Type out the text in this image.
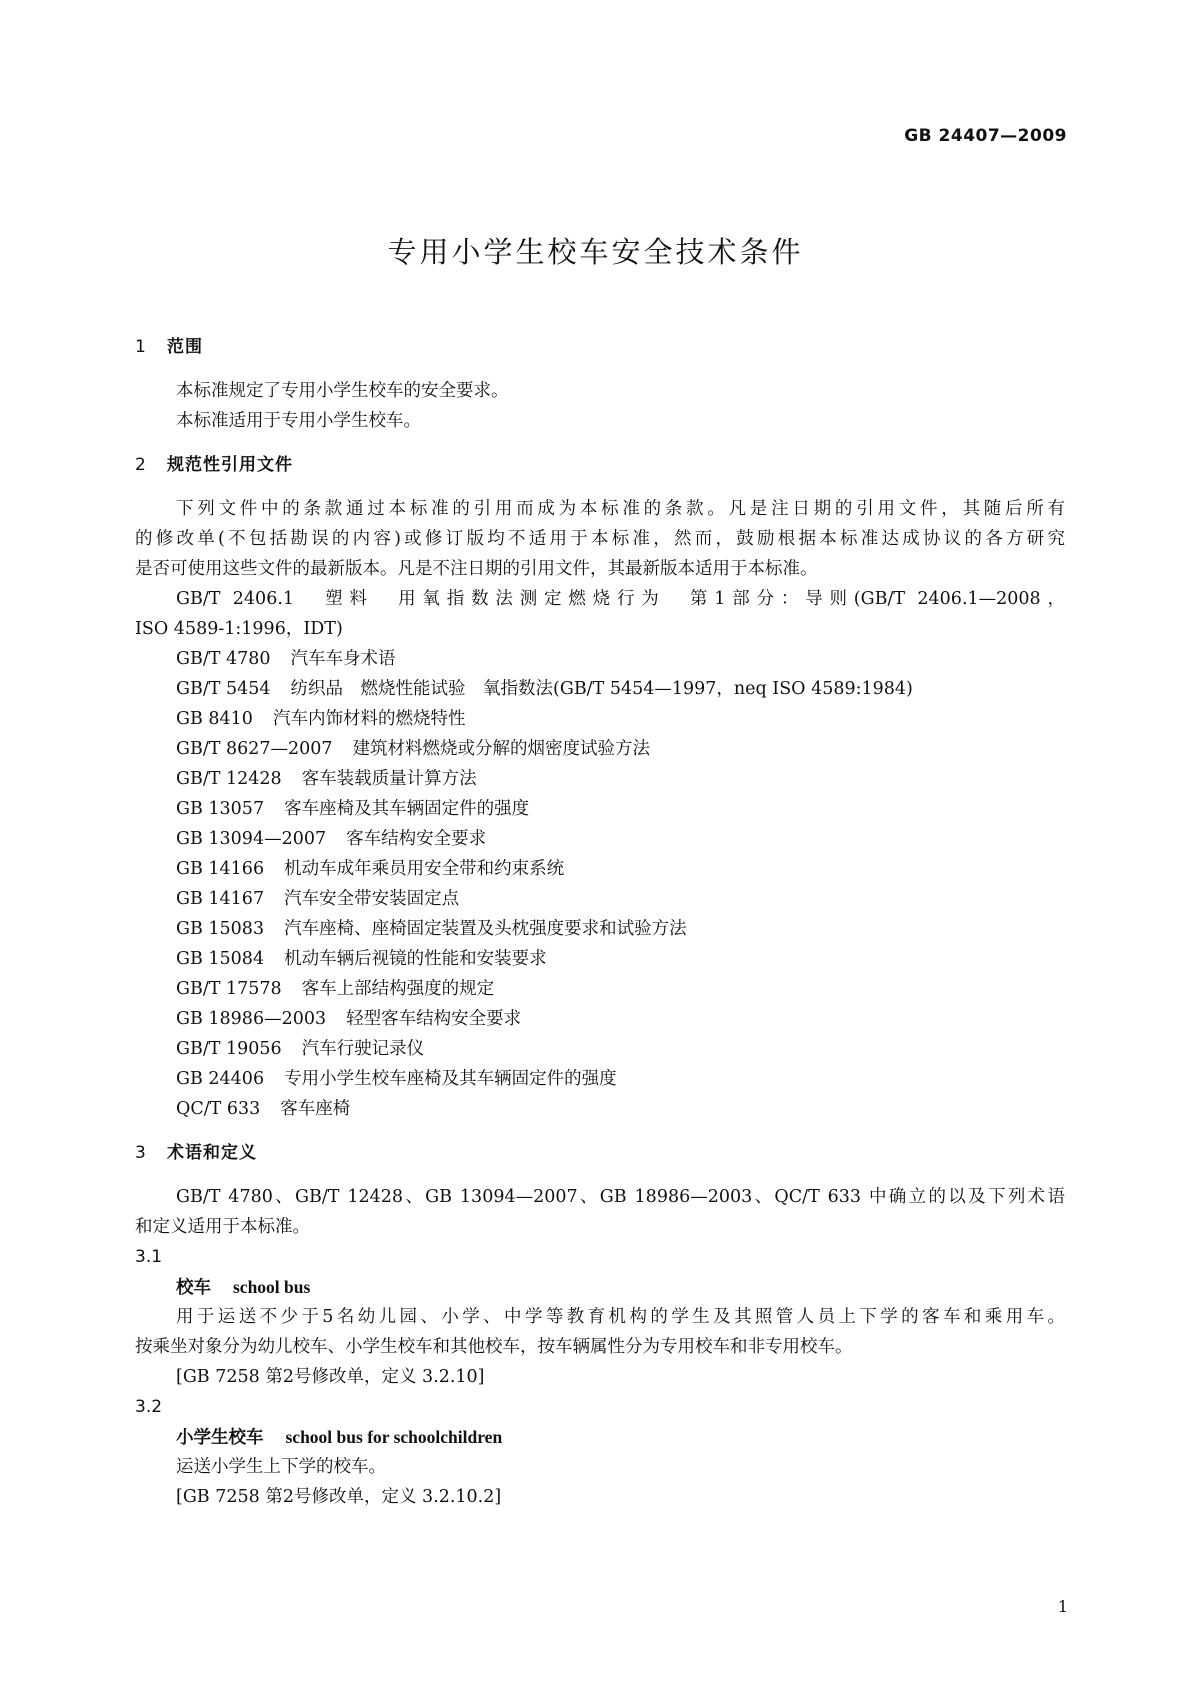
GB 24407—2009
专用小学生校车安全技术条件
1 范围
本标准规定了专用小学生校车的安全要求。
本标准适用于专用小学生校车。
2 规范性引用文件
下列文件中的条款通过本标准的引用而成为本标准的条款。凡是注日期的引用文件，其随后所有
的修改单(不包括勘误的内容)或修订版均不适用于本标准，然而，鼓励根据本标准达成协议的各方研究
是否可使用这些文件的最新版本。凡是不注日期的引用文件，其最新版本适用于本标准。
GB/T 2406.1　塑料　用氧指数法测定燃烧行为　第1部分：导则(GB/T 2406.1—2008，
ISO 4589-1:1996，IDT)
GB/T 4780 汽车车身术语
GB/T 5454 纺织品　燃烧性能试验　氧指数法(GB/T 5454—1997，neq ISO 4589:1984)
GB 8410 汽车内饰材料的燃烧特性
GB/T 8627—2007 建筑材料燃烧或分解的烟密度试验方法
GB/T 12428 客车装载质量计算方法
GB 13057 客车座椅及其车辆固定件的强度
GB 13094—2007 客车结构安全要求
GB 14166 机动车成年乘员用安全带和约束系统
GB 14167 汽车安全带安装固定点
GB 15083 汽车座椅、座椅固定装置及头枕强度要求和试验方法
GB 15084 机动车辆后视镜的性能和安装要求
GB/T 17578 客车上部结构强度的规定
GB 18986—2003 轻型客车结构安全要求
GB/T 19056 汽车行驶记录仪
GB 24406 专用小学生校车座椅及其车辆固定件的强度
QC/T 633 客车座椅
3 术语和定义
GB/T 4780、GB/T 12428、GB 13094—2007、GB 18986—2003、QC/T 633 中确立的以及下列术语
和定义适用于本标准。
3.1
校车 school bus
用于运送不少于5名幼儿园、小学、中学等教育机构的学生及其照管人员上下学的客车和乘用车。
按乘坐对象分为幼儿校车、小学生校车和其他校车，按车辆属性分为专用校车和非专用校车。
[GB 7258 第2号修改单，定义 3.2.10]
3.2
小学生校车 school bus for schoolchildren
运送小学生上下学的校车。
[GB 7258 第2号修改单，定义 3.2.10.2]
1
